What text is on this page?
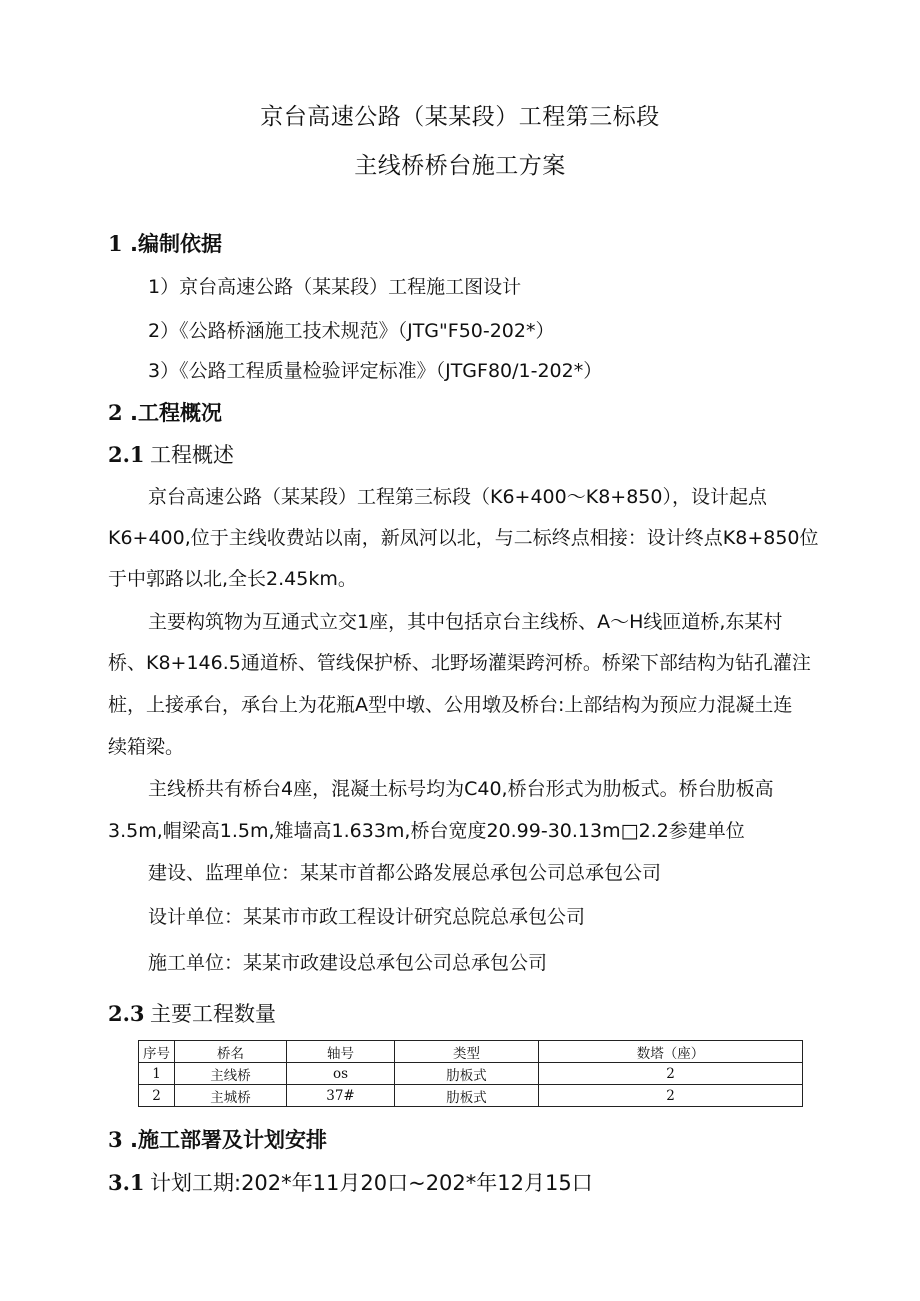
京台高速公路（某某段）工程第三标段
主线桥桥台施工方案
1 .编制依据
1）京台高速公路（某某段）工程施工图设计
2）《公路桥涵施工技术规范》（JTG"F50-202*）
3）《公路工程质量检验评定标准》（JTGF80/1-202*）
2 .工程概况
2.1 工程概述
京台高速公路（某某段）工程第三标段（K6+400～K8+850），设计起点
K6+400,位于主线收费站以南，新凤河以北，与二标终点相接：设计终点K8+850位
于中郭路以北,全长2.45km。
主要构筑物为互通式立交1座，其中包括京台主线桥、A～H线匝道桥,东某村
桥、K8+146.5通道桥、管线保护桥、北野场灌渠跨河桥。桥梁下部结构为钻孔灌注
桩，上接承台，承台上为花瓶A型中墩、公用墩及桥台:上部结构为预应力混凝土连
续箱梁。
主线桥共有桥台4座，混凝土标号均为C40,桥台形式为肋板式。桥台肋板高
3.5m,帽梁高1.5m,雉墙高1.633m,桥台宽度20.99-30.13m□2.2参建单位
建设、监理单位：某某市首都公路发展总承包公司总承包公司
设计单位：某某市市政工程设计研究总院总承包公司
施工单位：某某市政建设总承包公司总承包公司
2.3 主要工程数量
序号	桥名	轴号	类型	数塔（座）
1	主线桥	os	肋板式	2
2	主城桥	37#	肋板式	2
3 .施工部署及计划安排
3.1 计划工期:202*年11月20口~202*年12月15口
